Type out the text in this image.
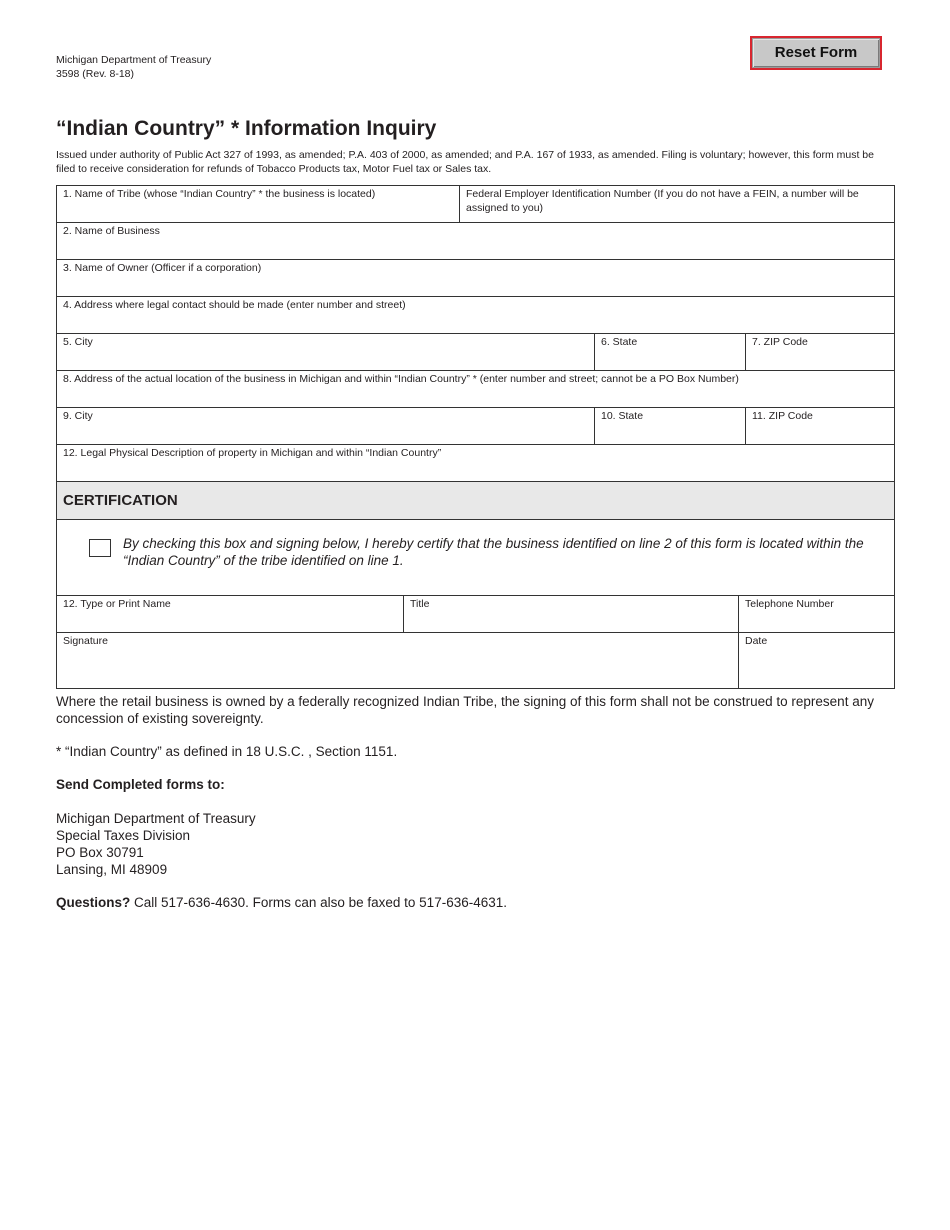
Michigan Department of Treasury
3598 (Rev. 8-18)
Reset Form
“Indian Country” * Information Inquiry

Issued under authority of Public Act 327 of 1993, as amended; P.A. 403 of 2000, as amended; and P.A. 167 of 1933, as amended. Filing is voluntary; however, this form must be filed to receive consideration for refunds of Tobacco Products tax, Motor Fuel tax or Sales tax.

1. Name of Tribe (whose “Indian Country” * the business is located)	Federal Employer Identification Number (If you do not have a FEIN, a number will be assigned to you)
2. Name of Business
3. Name of Owner (Officer if a corporation)
4. Address where legal contact should be made (enter number and street)
5. City	6. State	7. ZIP Code
8. Address of the actual location of the business in Michigan and within “Indian Country” * (enter number and street; cannot be a PO Box Number)
9. City	10. State	11. ZIP Code
12. Legal Physical Description of property in Michigan and within “Indian Country”
CERTIFICATION

By checking this box and signing below, I hereby certify that the business identified on line 2 of this form is located within the “Indian Country” of the tribe identified on line 1.

12. Type or Print Name	Title	Telephone Number
Signature	Date

Where the retail business is owned by a federally recognized Indian Tribe, the signing of this form shall not be construed to represent any concession of existing sovereignty.

* “Indian Country” as defined in 18 U.S.C. , Section 1151.

Send Completed forms to:

Michigan Department of Treasury
Special Taxes Division
PO Box 30791
Lansing, MI 48909

Questions? Call 517-636-4630. Forms can also be faxed to 517-636-4631.
